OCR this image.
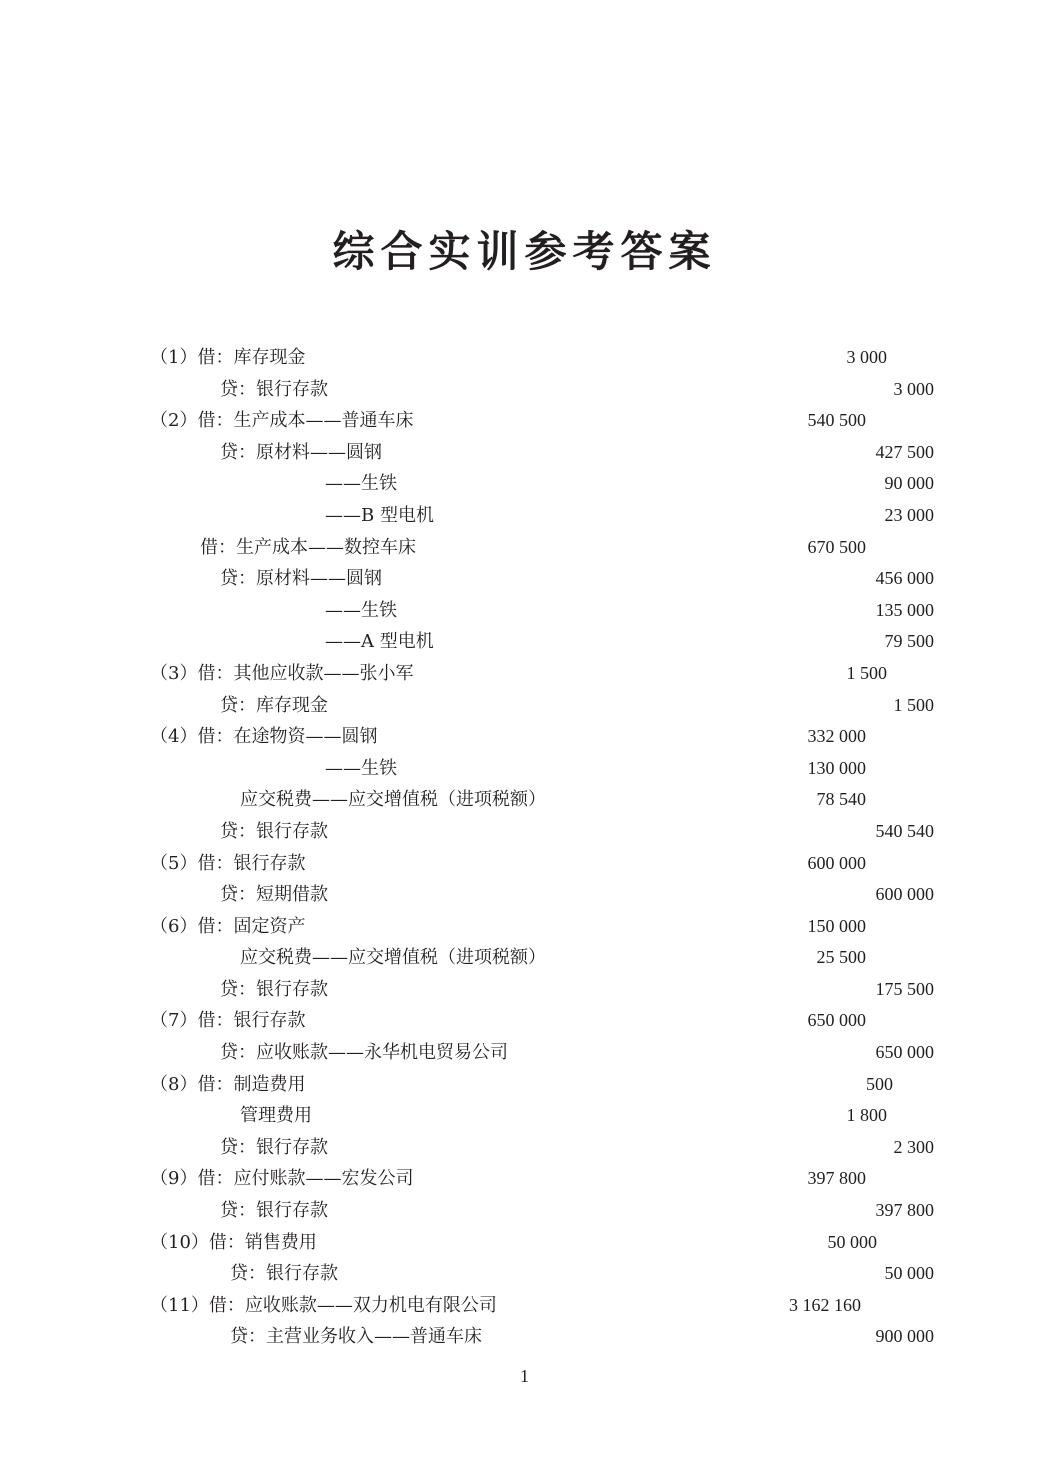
综合实训参考答案
（1）借：库存现金	3 000
贷：银行存款	3 000
（2）借：生产成本——普通车床	540 500
贷：原材料——圆钢	427 500
——生铁	90 000
——B 型电机	23 000
借：生产成本——数控车床	670 500
贷：原材料——圆钢	456 000
——生铁	135 000
——A 型电机	79 500
（3）借：其他应收款——张小军	1 500
贷：库存现金	1 500
（4）借：在途物资——圆钢	332 000
——生铁	130 000
应交税费——应交增值税（进项税额）	78 540
贷：银行存款	540 540
（5）借：银行存款	600 000
贷：短期借款	600 000
（6）借：固定资产	150 000
应交税费——应交增值税（进项税额）	25 500
贷：银行存款	175 500
（7）借：银行存款	650 000
贷：应收账款——永华机电贸易公司	650 000
（8）借：制造费用	500
管理费用	1 800
贷：银行存款	2 300
（9）借：应付账款——宏发公司	397 800
贷：银行存款	397 800
（10）借：销售费用	50 000
贷：银行存款	50 000
（11）借：应收账款——双力机电有限公司	3 162 160
贷：主营业务收入——普通车床	900 000
1
